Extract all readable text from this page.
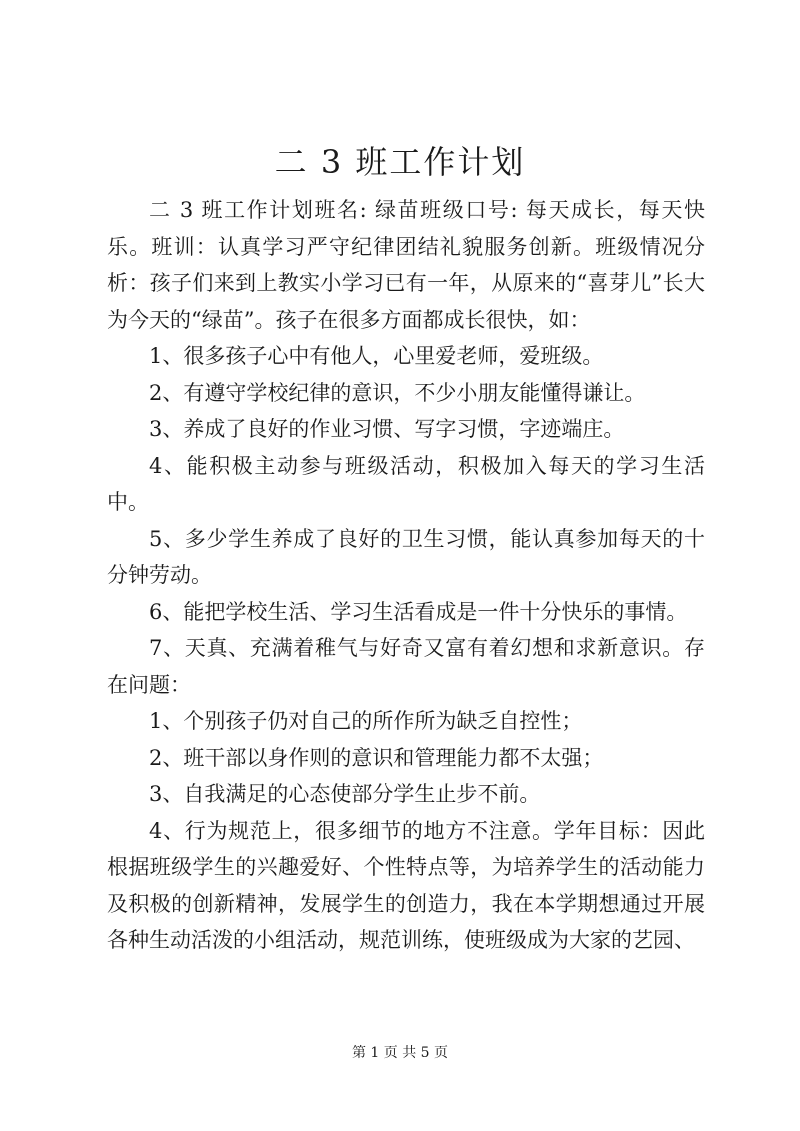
二 3 班工作计划

二 3 班工作计划班名: 绿苗班级口号: 每天成长，每天快乐。班训：认真学习严守纪律团结礼貌服务创新。班级情况分析：孩子们来到上教实小学习已有一年，从原来的“喜芽儿”长大为今天的“绿苗”。孩子在很多方面都成长很快，如：

1、很多孩子心中有他人，心里爱老师，爱班级。

2、有遵守学校纪律的意识，不少小朋友能懂得谦让。

3、养成了良好的作业习惯、写字习惯，字迹端庄。

4、能积极主动参与班级活动，积极加入每天的学习生活中。

5、多少学生养成了良好的卫生习惯，能认真参加每天的十分钟劳动。

6、能把学校生活、学习生活看成是一件十分快乐的事情。

7、天真、充满着稚气与好奇又富有着幻想和求新意识。存在问题：

1、个别孩子仍对自己的所作所为缺乏自控性；

2、班干部以身作则的意识和管理能力都不太强；

3、自我满足的心态使部分学生止步不前。

4、行为规范上，很多细节的地方不注意。学年目标：因此根据班级学生的兴趣爱好、个性特点等，为培养学生的活动能力及积极的创新精神，发展学生的创造力，我在本学期想通过开展各种生动活泼的小组活动，规范训练，使班级成为大家的艺园、

第 1 页 共 5 页
